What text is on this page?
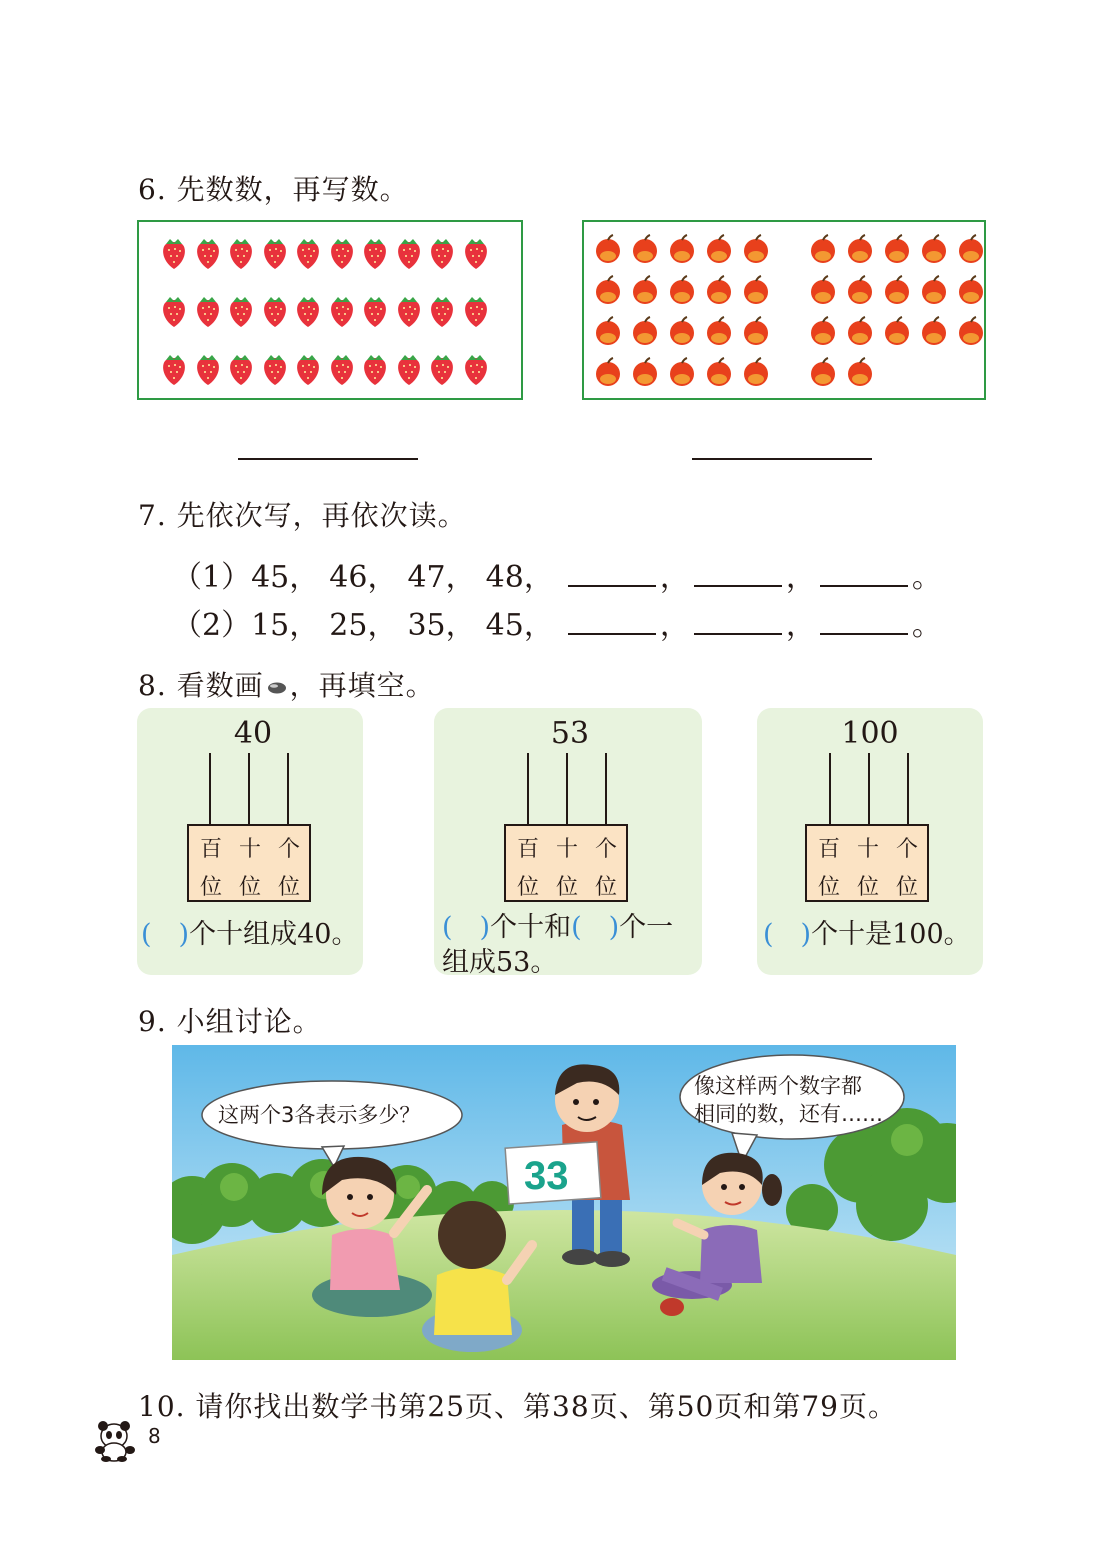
6. 先数数，再写数。
7. 先依次写，再依次读。
（1） 45， 46， 47， 48，	，	，	。
（2） 15， 25， 35， 45，	，	，	。
8. 看数画 ，再填空。
40
百
位
十
位
个
位
(　 )个十组成40。
53
百
位
十
位
个
位
(　 )个十和(　 )个一
组成53。
100
百
位
十
位
个
位
(　 )个十是100。
9. 小组讨论。
这两个3各表示多少？
像这样两个数字都
相同的数，还有……
33
10. 请你找出数学书第25页、第38页、第50页和第79页。
8
